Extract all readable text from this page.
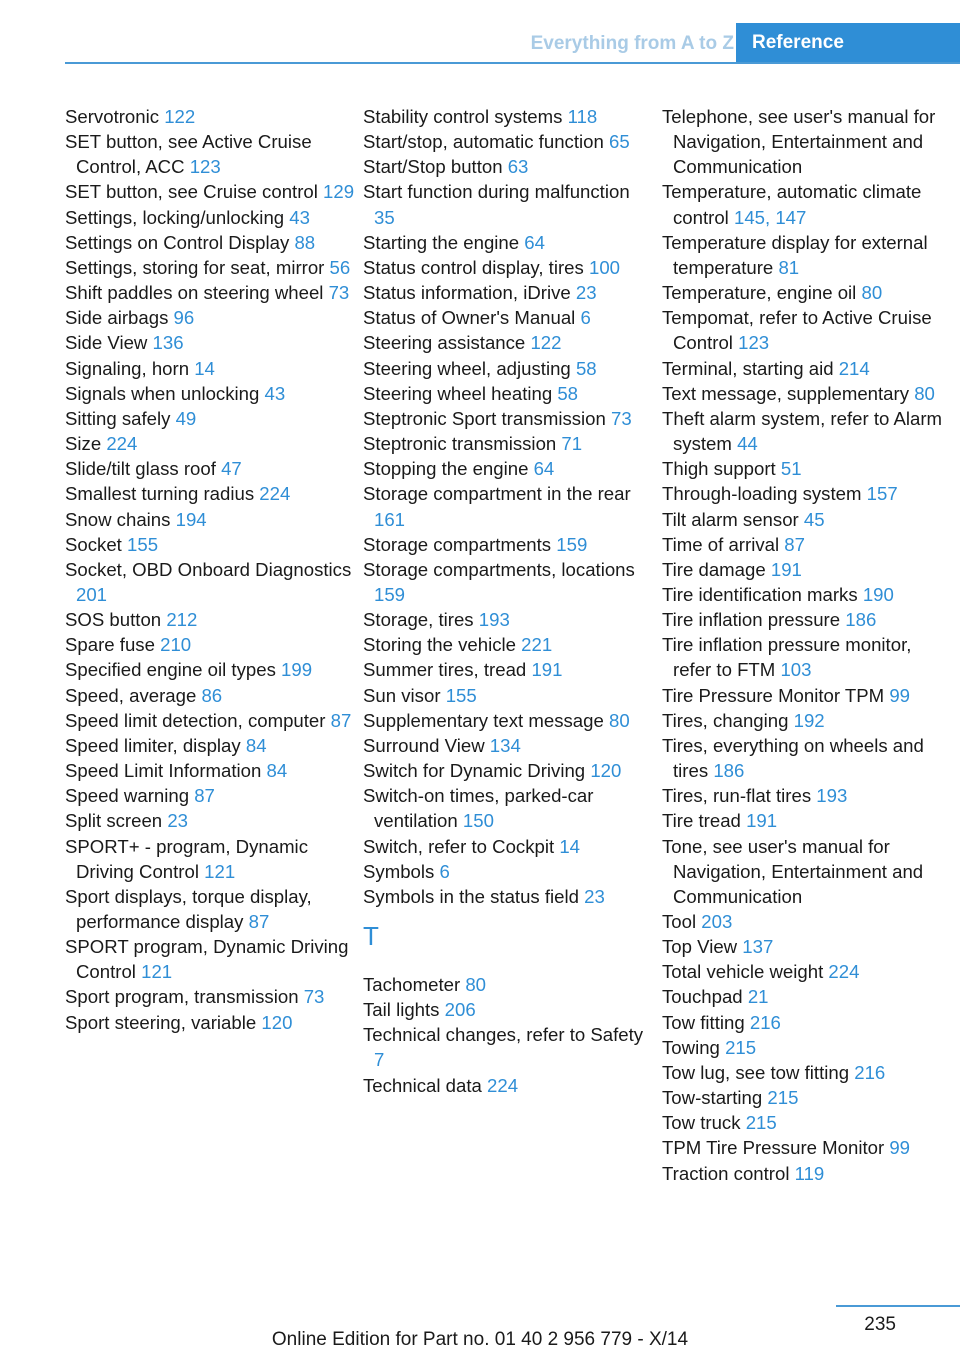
Everything from A to Z Reference

Servotronic 122

SET button, see Active Cruise Control, ACC 123

SET button, see Cruise control 129

Settings, locking/unlocking 43

Settings on Control Display 88

Settings, storing for seat, mirror 56

Shift paddles on steering wheel 73

Side airbags 96

Side View 136

Signaling, horn 14

Signals when unlocking 43

Sitting safely 49

Size 224

Slide/tilt glass roof 47

Smallest turning radius 224

Snow chains 194

Socket 155

Socket, OBD Onboard Diagnostics 201

SOS button 212

Spare fuse 210

Specified engine oil types 199

Speed, average 86

Speed limit detection, computer 87

Speed limiter, display 84

Speed Limit Information 84

Speed warning 87

Split screen 23

SPORT+ - program, Dynamic Driving Control 121

Sport displays, torque display, performance display 87

SPORT program, Dynamic Driving Control 121

Sport program, transmission 73

Sport steering, variable 120

Stability control systems 118

Start/stop, automatic function 65

Start/Stop button 63

Start function during malfunction 35

Starting the engine 64

Status control display, tires 100

Status information, iDrive 23

Status of Owner's Manual 6

Steering assistance 122

Steering wheel, adjusting 58

Steering wheel heating 58

Steptronic Sport transmission 73

Steptronic transmission 71

Stopping the engine 64

Storage compartment in the rear 161

Storage compartments 159

Storage compartments, locations 159

Storage, tires 193

Storing the vehicle 221

Summer tires, tread 191

Sun visor 155

Supplementary text message 80

Surround View 134

Switch for Dynamic Driving 120

Switch-on times, parked-car ventilation 150

Switch, refer to Cockpit 14

Symbols 6

Symbols in the status field 23

T

Tachometer 80

Tail lights 206

Technical changes, refer to Safety 7

Technical data 224

Telephone, see user's manual for Navigation, Entertainment and Communication

Temperature, automatic climate control 145, 147

Temperature display for external temperature 81

Temperature, engine oil 80

Tempomat, refer to Active Cruise Control 123

Terminal, starting aid 214

Text message, supplementary 80

Theft alarm system, refer to Alarm system 44

Thigh support 51

Through-loading system 157

Tilt alarm sensor 45

Time of arrival 87

Tire damage 191

Tire identification marks 190

Tire inflation pressure 186

Tire inflation pressure monitor, refer to FTM 103

Tire Pressure Monitor TPM 99

Tires, changing 192

Tires, everything on wheels and tires 186

Tires, run-flat tires 193

Tire tread 191

Tone, see user's manual for Navigation, Entertainment and Communication

Tool 203

Top View 137

Total vehicle weight 224

Touchpad 21

Tow fitting 216

Towing 215

Tow lug, see tow fitting 216

Tow-starting 215

Tow truck 215

TPM Tire Pressure Monitor 99

Traction control 119

235
Online Edition for Part no. 01 40 2 956 779 - X/14
